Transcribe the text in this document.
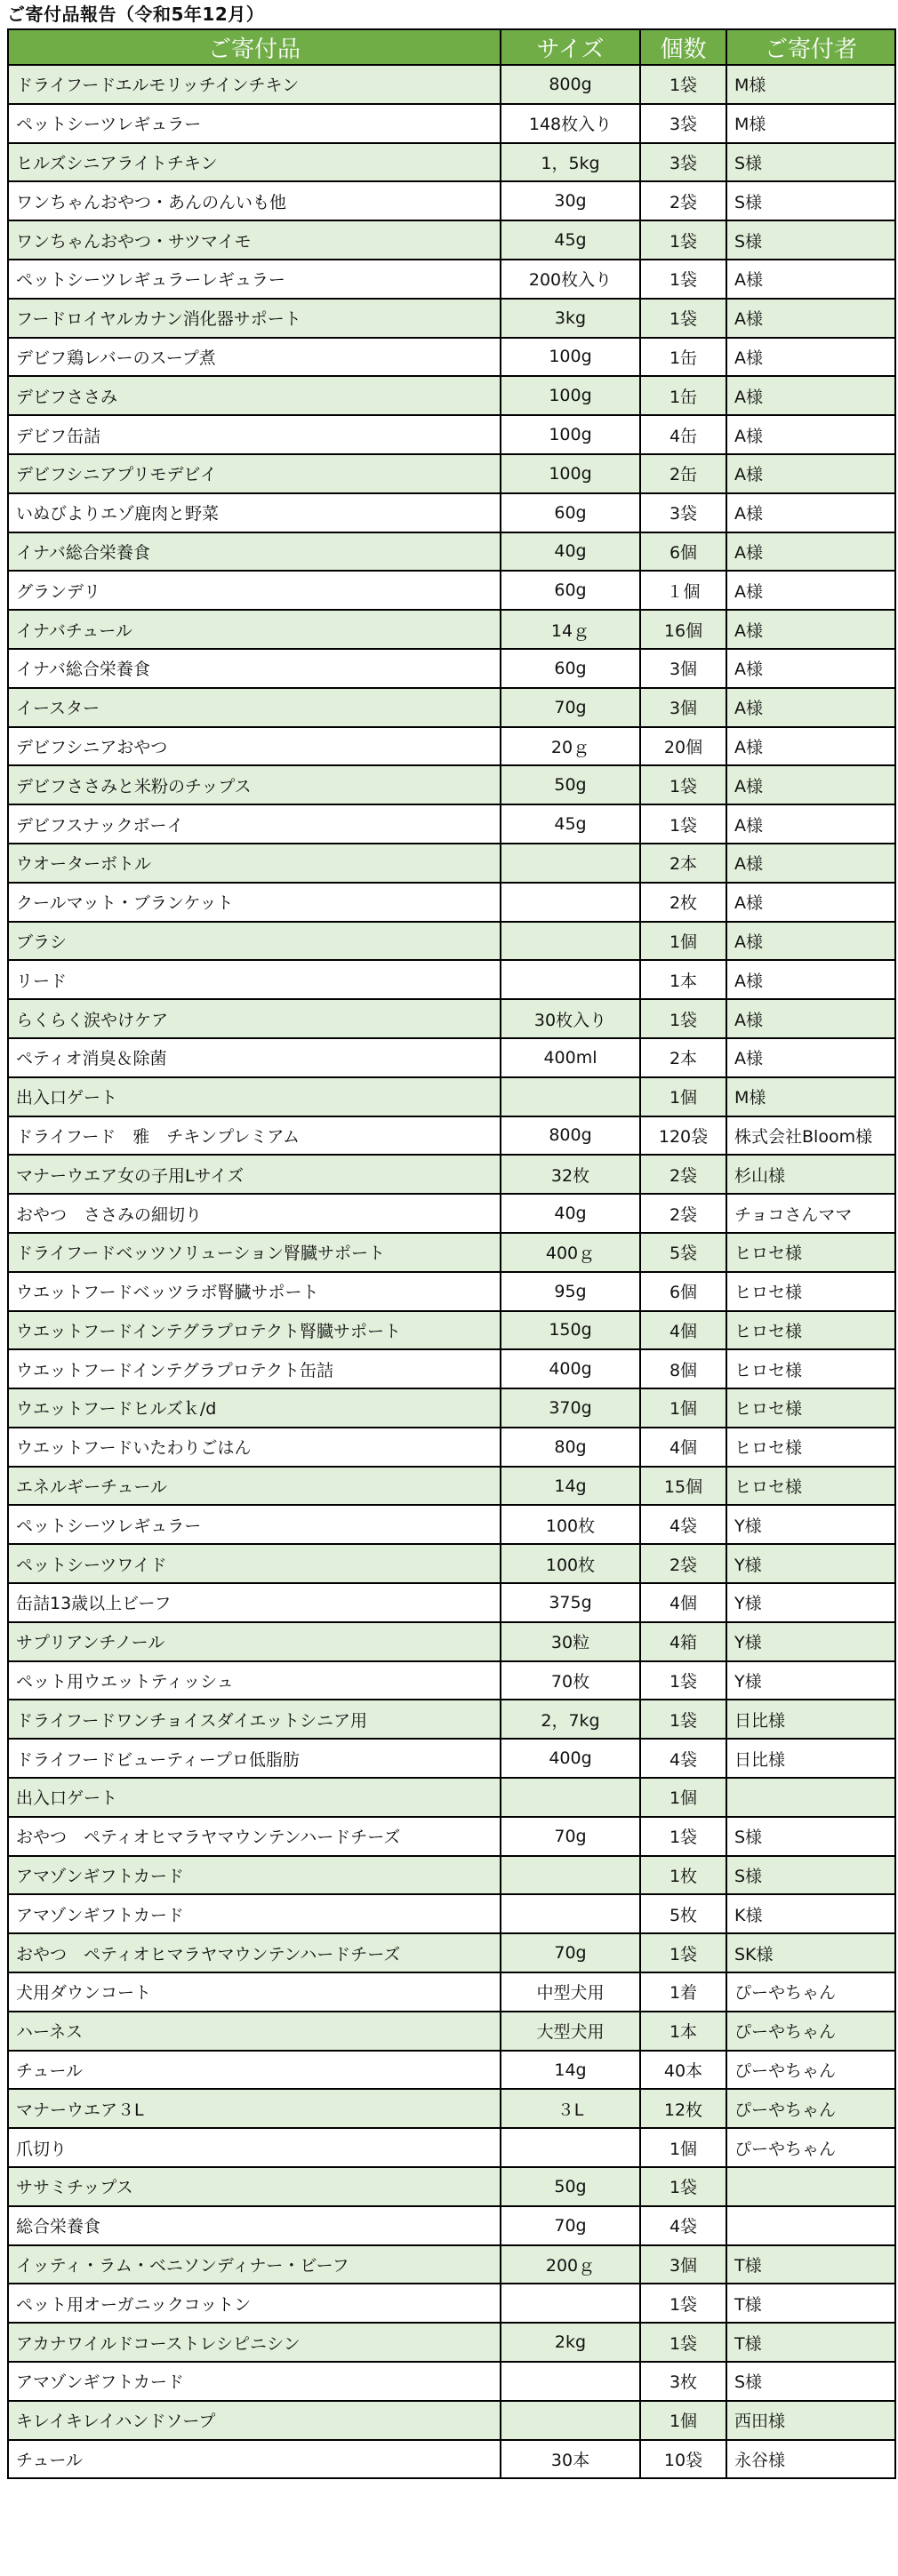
ご寄付品報告（令和5年12月）
ご寄付品	サイズ	個数	ご寄付者
ドライフードエルモリッチインチキン	800g	1袋	M様
ペットシーツレギュラー	148枚入り	3袋	M様
ヒルズシニアライトチキン	1，5kg	3袋	S様
ワンちゃんおやつ・あんのんいも他	30g	2袋	S様
ワンちゃんおやつ・サツマイモ	45g	1袋	S様
ペットシーツレギュラーレギュラー	200枚入り	1袋	A様
フードロイヤルカナン消化器サポート	3kg	1袋	A様
デビフ鶏レバーのスープ煮	100g	1缶	A様
デビフささみ	100g	1缶	A様
デビフ缶詰	100g	4缶	A様
デビフシニアプリモデビイ	100g	2缶	A様
いぬびよりエゾ鹿肉と野菜	60g	3袋	A様
イナバ総合栄養食	40g	6個	A様
グランデリ	60g	１個	A様
イナバチュール	14ｇ	16個	A様
イナバ総合栄養食	60g	3個	A様
イースター	70g	3個	A様
デビフシニアおやつ	20ｇ	20個	A様
デビフささみと米粉のチップス	50g	1袋	A様
デビフスナックボーイ	45g	1袋	A様
ウオーターボトル		2本	A様
クールマット・ブランケット		2枚	A様
ブラシ		1個	A様
リード		1本	A様
らくらく涙やけケア	30枚入り	1袋	A様
ペティオ消臭＆除菌	400ml	2本	A様
出入口ゲート		1個	M様
ドライフード　雅　チキンプレミアム	800g	120袋	株式会社Bloom様
マナーウエア女の子用Lサイズ	32枚	2袋	杉山様
おやつ　ささみの細切り	40g	2袋	チョコさんママ
ドライフードベッツソリューション腎臓サポート	400ｇ	5袋	ヒロセ様
ウエットフードベッツラボ腎臓サポート	95g	6個	ヒロセ様
ウエットフードインテグラプロテクト腎臓サポート	150g	4個	ヒロセ様
ウエットフードインテグラプロテクト缶詰	400g	8個	ヒロセ様
ウエットフードヒルズｋ/d	370g	1個	ヒロセ様
ウエットフードいたわりごはん	80g	4個	ヒロセ様
エネルギーチュール	14g	15個	ヒロセ様
ペットシーツレギュラー	100枚	4袋	Y様
ペットシーツワイド	100枚	2袋	Y様
缶詰13歳以上ビーフ	375g	4個	Y様
サプリアンチノール	30粒	4箱	Y様
ペット用ウエットティッシュ	70枚	1袋	Y様
ドライフードワンチョイスダイエットシニア用	2，7kg	1袋	日比様
ドライフードビューティープロ低脂肪	400g	4袋	日比様
出入口ゲート		1個	
おやつ　ペティオヒマラヤマウンテンハードチーズ	70g	1袋	S様
アマゾンギフトカード		1枚	S様
アマゾンギフトカード		5枚	K様
おやつ　ペティオヒマラヤマウンテンハードチーズ	70g	1袋	SK様
犬用ダウンコート	中型犬用	1着	ぴーやちゃん
ハーネス	大型犬用	1本	ぴーやちゃん
チュール	14g	40本	ぴーやちゃん
マナーウエア３L	３L	12枚	ぴーやちゃん
爪切り		1個	ぴーやちゃん
ササミチップス	50g	1袋	
総合栄養食	70g	4袋	
イッティ・ラム・ベニソンディナー・ビーフ	200ｇ	3個	T様
ペット用オーガニックコットン		1袋	T様
アカナワイルドコーストレシピニシン	2kg	1袋	T様
アマゾンギフトカード		3枚	S様
キレイキレイハンドソープ		1個	西田様
チュール	30本	10袋	永谷様
